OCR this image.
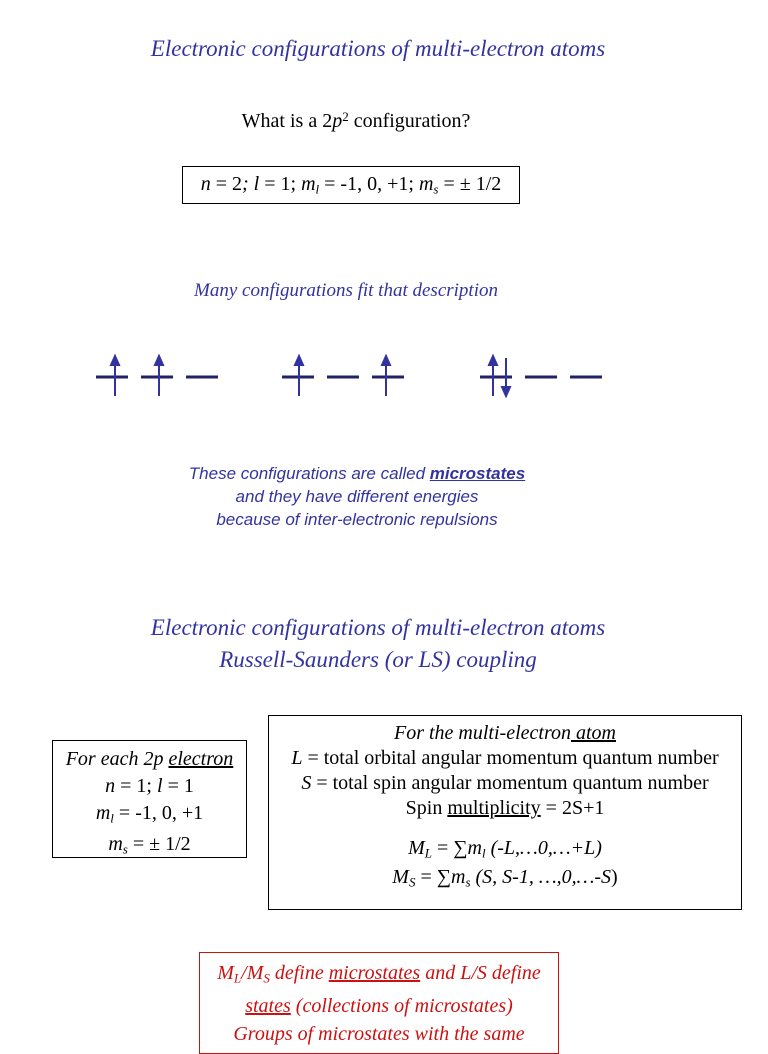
Electronic configurations of multi-electron atoms
What is a $2p^2$ configuration?
n = 2; l = 1; $m_l = -1$, 0, +1; $m_s$ = ± 1/2
Many configurations fit that description
These configurations are called microstates
and they have different energies
because of inter-electronic repulsions
Electronic configurations of multi-electron atoms
Russell-Saunders (or LS) coupling
For each 2p electron
n = 1; l = 1
$m_l = -1$, 0, +1
$m_s$ = ± 1/2
For the multi-electron atom
L = total orbital angular momentum quantum number
S = total spin angular momentum quantum number
Spin multiplicity = 2S+1
$M_L = \sum m_l$ (-L,…0,…+L)
$M_S = \sum m_s$ (S, S-1, …,0,…-S)
$M_L/M_S$ define microstates and L/S define
states (collections of microstates)
Groups of microstates with the same
